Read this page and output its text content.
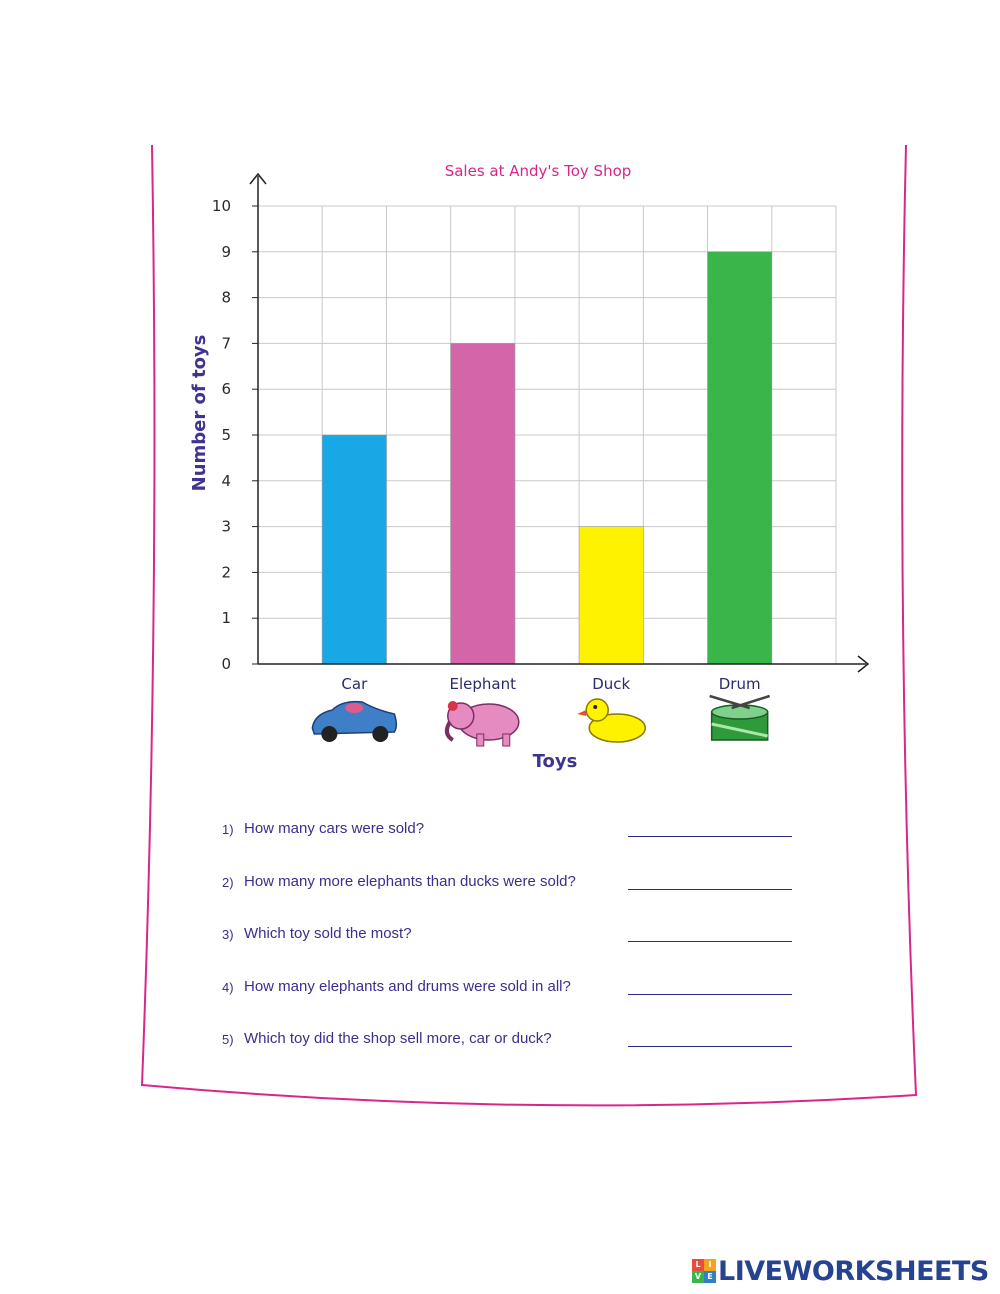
Sales at Andy's Toy Shop
0
1
2
3
4
5
6
7
8
9
10
Car	Elephant	Duck	Drum
Number of toys
Toys
1) How many cars were sold?
2) How many more elephants than ducks were sold?
3) Which toy sold the most?
4) How many elephants and drums were sold in all?
5) Which toy did the shop sell more, car or duck?
L I
V E LIVEWORKSHEETS
